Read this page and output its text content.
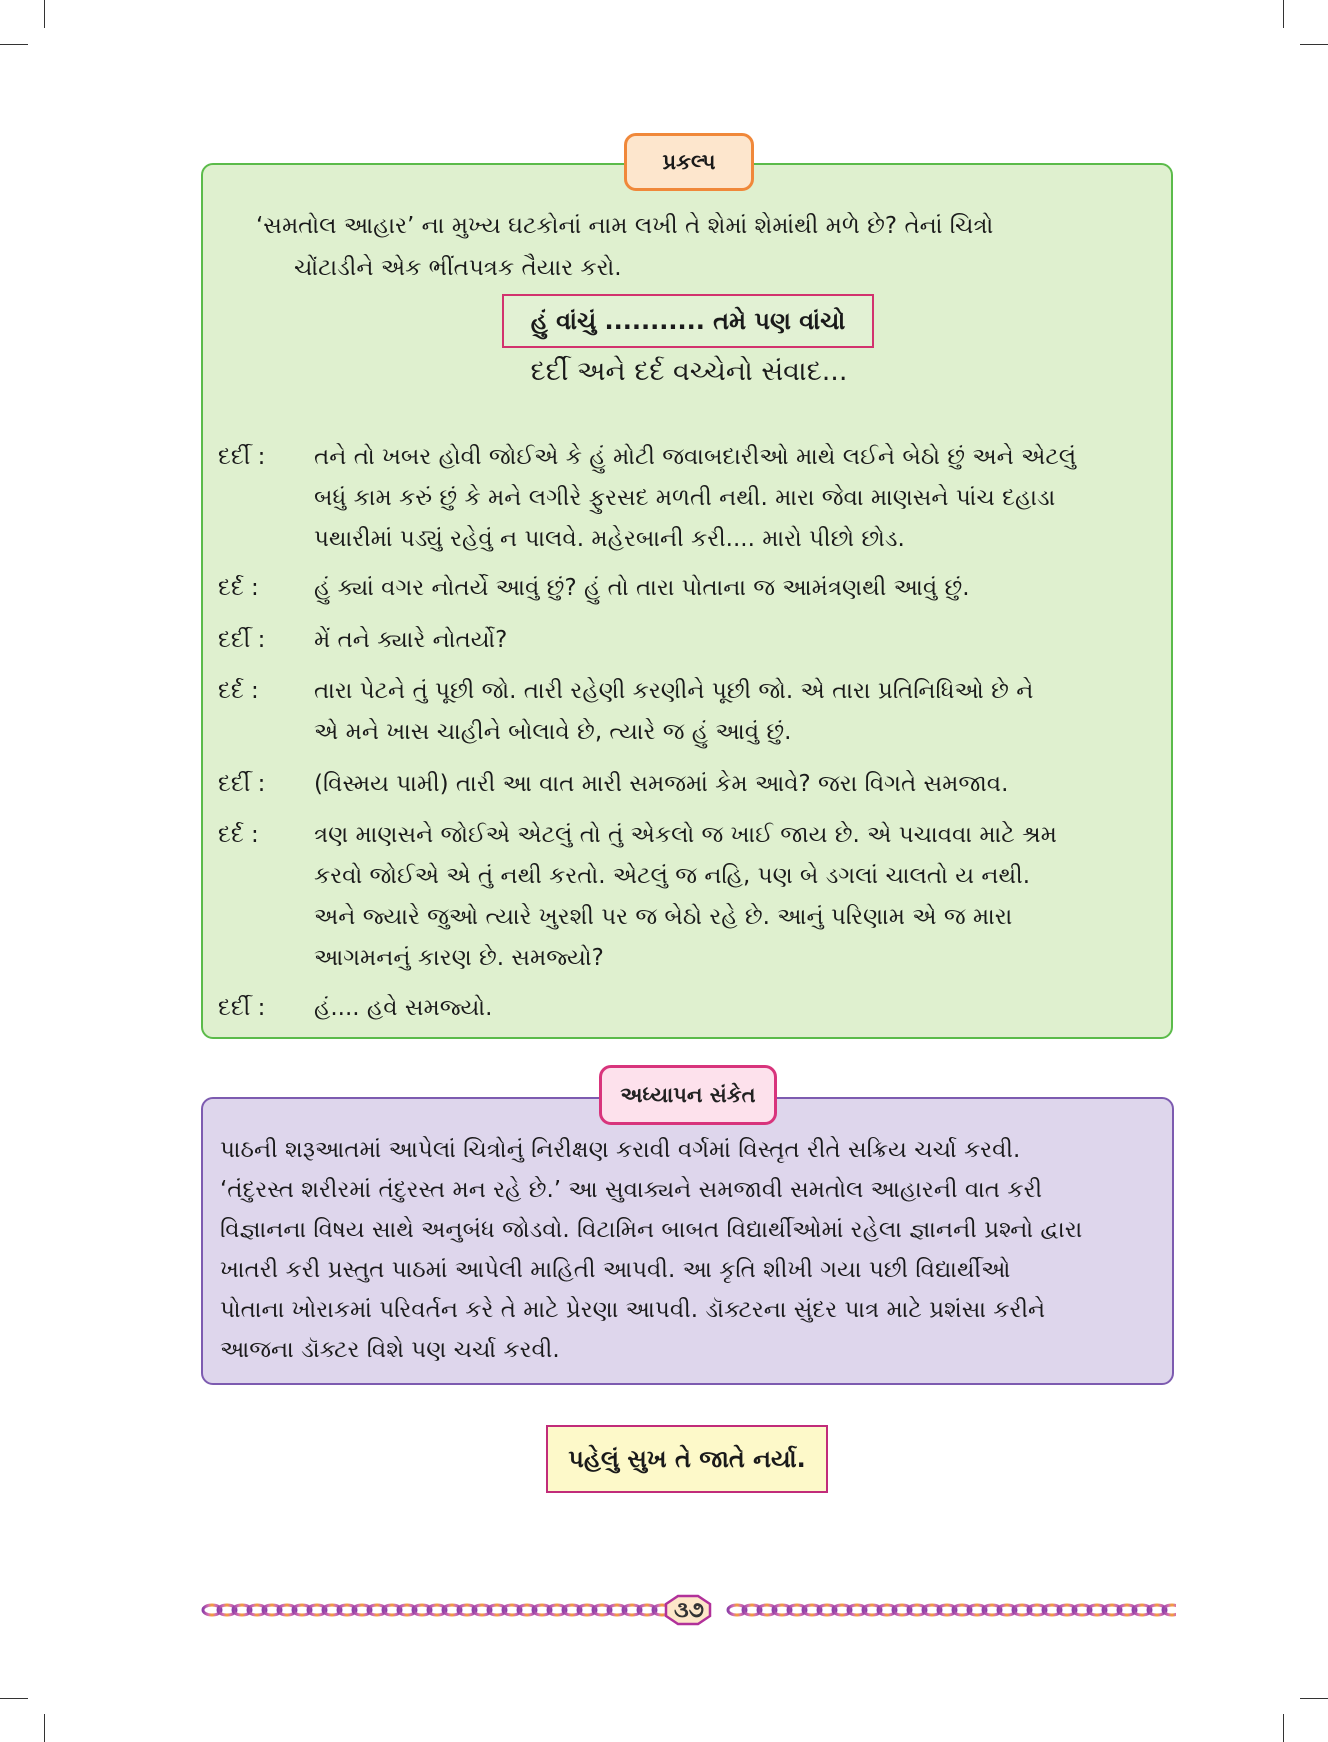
પ્રકલ્પ
‘સમતોલ આહાર’ ના મુખ્ય ઘટકોનાં નામ લખી તે શેમાં શેમાંથી મળે છે? તેનાં ચિત્રો
ચોંટાડીને એક ભીંતપત્રક તૈયાર કરો.
હું વાંચું ........... તમે પણ વાંચો
દર્દી અને દર્દ વચ્ચેનો સંવાદ...
દર્દી :	તને તો ખબર હોવી જોઈએ કે હું મોટી જવાબદારીઓ માથે લઈને બેઠો છું અને એટલું
બધું કામ કરું છું કે મને લગીરે ફુરસદ મળતી નથી. મારા જેવા માણસને પાંચ દહાડા
પથારીમાં પડ્યું રહેવું ન પાલવે. મહેરબાની કરી.... મારો પીછો છોડ.
દર્દ :	હું ક્યાં વગર નોતર્યે આવું છું? હું તો તારા પોતાના જ આમંત્રણથી આવું છું.
દર્દી :	મેં તને ક્યારે નોતર્યો?
દર્દ :	તારા પેટને તું પૂછી જો. તારી રહેણી કરણીને પૂછી જો. એ તારા પ્રતિનિધિઓ છે ને
એ મને ખાસ ચાહીને બોલાવે છે, ત્યારે જ હું આવું છું.
દર્દી :	(વિસ્મય પામી) તારી આ વાત મારી સમજમાં કેમ આવે? જરા વિગતે સમજાવ.
દર્દ :	ત્રણ માણસને જોઈએ એટલું તો તું એકલો જ ખાઈ જાય છે. એ પચાવવા માટે શ્રમ
કરવો જોઈએ એ તું નથી કરતો. એટલું જ નહિ, પણ બે ડગલાં ચાલતો ય નથી.
અને જ્યારે જુઓ ત્યારે ખુરશી પર જ બેઠો રહે છે. આનું પરિણામ એ જ મારા
આગમનનું કારણ છે. સમજ્યો?
દર્દી :	હં.... હવે સમજ્યો.
અધ્યાપન સંકેત
પાઠની શરૂઆતમાં આપેલાં ચિત્રોનું નિરીક્ષણ કરાવી વર્ગમાં વિસ્તૃત રીતે સક્રિય ચર્ચા કરવી.
‘તંદુરસ્ત શરીરમાં તંદુરસ્ત મન રહે છે.’ આ સુવાક્યને સમજાવી સમતોલ આહારની વાત કરી
વિજ્ઞાનના વિષય સાથે અનુબંધ જોડવો. વિટામિન બાબત વિદ્યાર્થીઓમાં રહેલા જ્ઞાનની પ્રશ્નો દ્વારા
ખાતરી કરી પ્રસ્તુત પાઠમાં આપેલી માહિતી આપવી. આ કૃતિ શીખી ગયા પછી વિદ્યાર્થીઓ
પોતાના ખોરાકમાં પરિવર્તન કરે તે માટે પ્રેરણા આપવી. ડૉક્ટરના સુંદર પાત્ર માટે પ્રશંસા કરીને
આજના ડૉક્ટર વિશે પણ ચર્ચા કરવી.
પહેલું સુખ તે જાતે નર્યા.
૩૭
